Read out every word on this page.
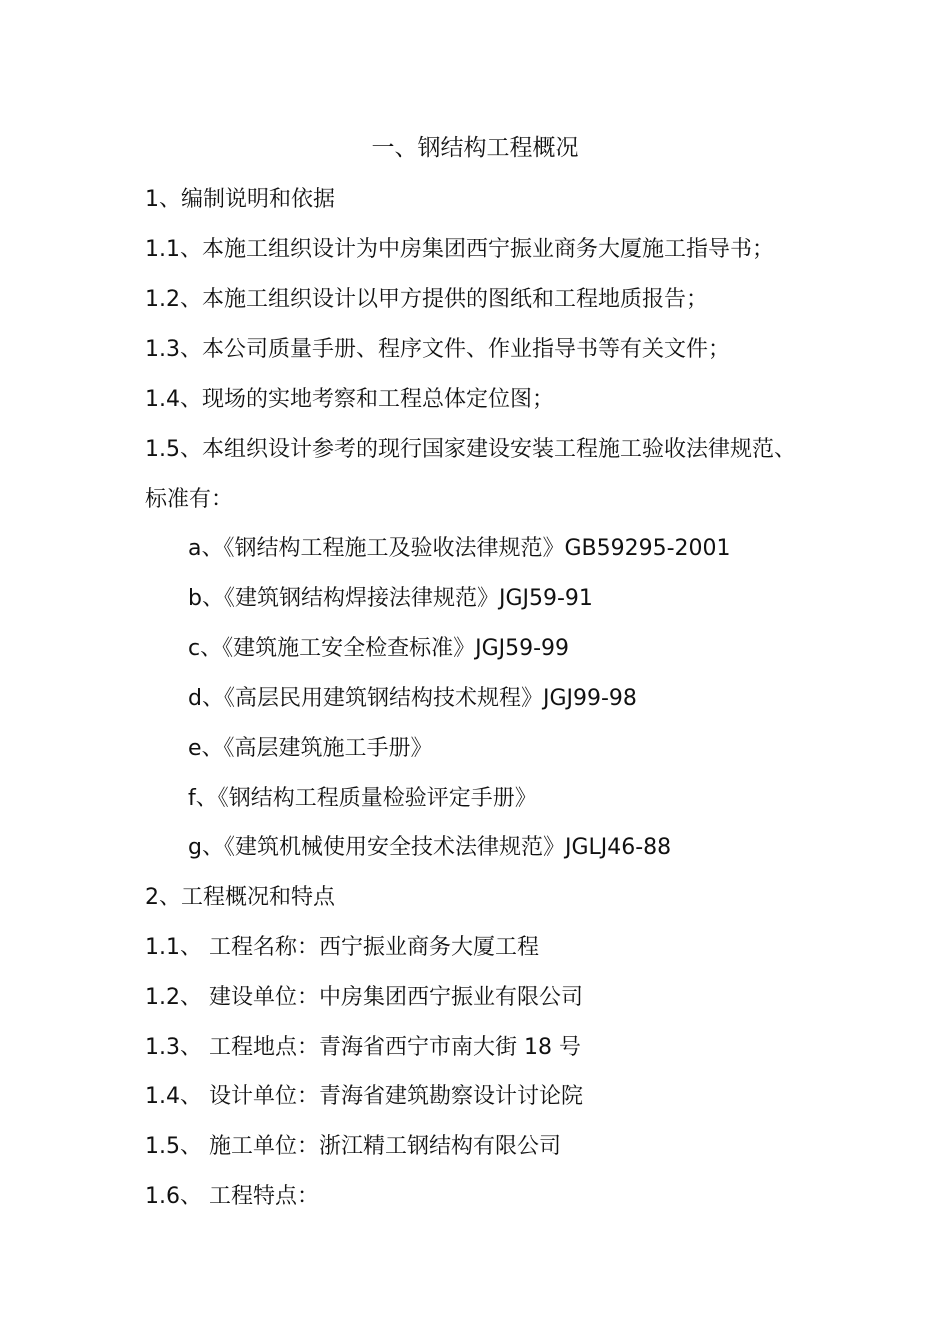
一、钢结构工程概况
1、编制说明和依据
1.1、本施工组织设计为中房集团西宁振业商务大厦施工指导书；
1.2、本施工组织设计以甲方提供的图纸和工程地质报告；
1.3、本公司质量手册、程序文件、作业指导书等有关文件；
1.4、现场的实地考察和工程总体定位图；
1.5、本组织设计参考的现行国家建设安装工程施工验收法律规范、
标准有：
a、《钢结构工程施工及验收法律规范》GB59295-2001
b、《建筑钢结构焊接法律规范》JGJ59-91
c、《建筑施工安全检查标准》JGJ59-99
d、《高层民用建筑钢结构技术规程》JGJ99-98
e、《高层建筑施工手册》
f、《钢结构工程质量检验评定手册》
g、《建筑机械使用安全技术法律规范》JGLJ46-88
2、工程概况和特点
1.1、 工程名称：西宁振业商务大厦工程
1.2、 建设单位：中房集团西宁振业有限公司
1.3、 工程地点：青海省西宁市南大街 18 号
1.4、 设计单位：青海省建筑勘察设计讨论院
1.5、 施工单位：浙江精工钢结构有限公司
1.6、 工程特点：
